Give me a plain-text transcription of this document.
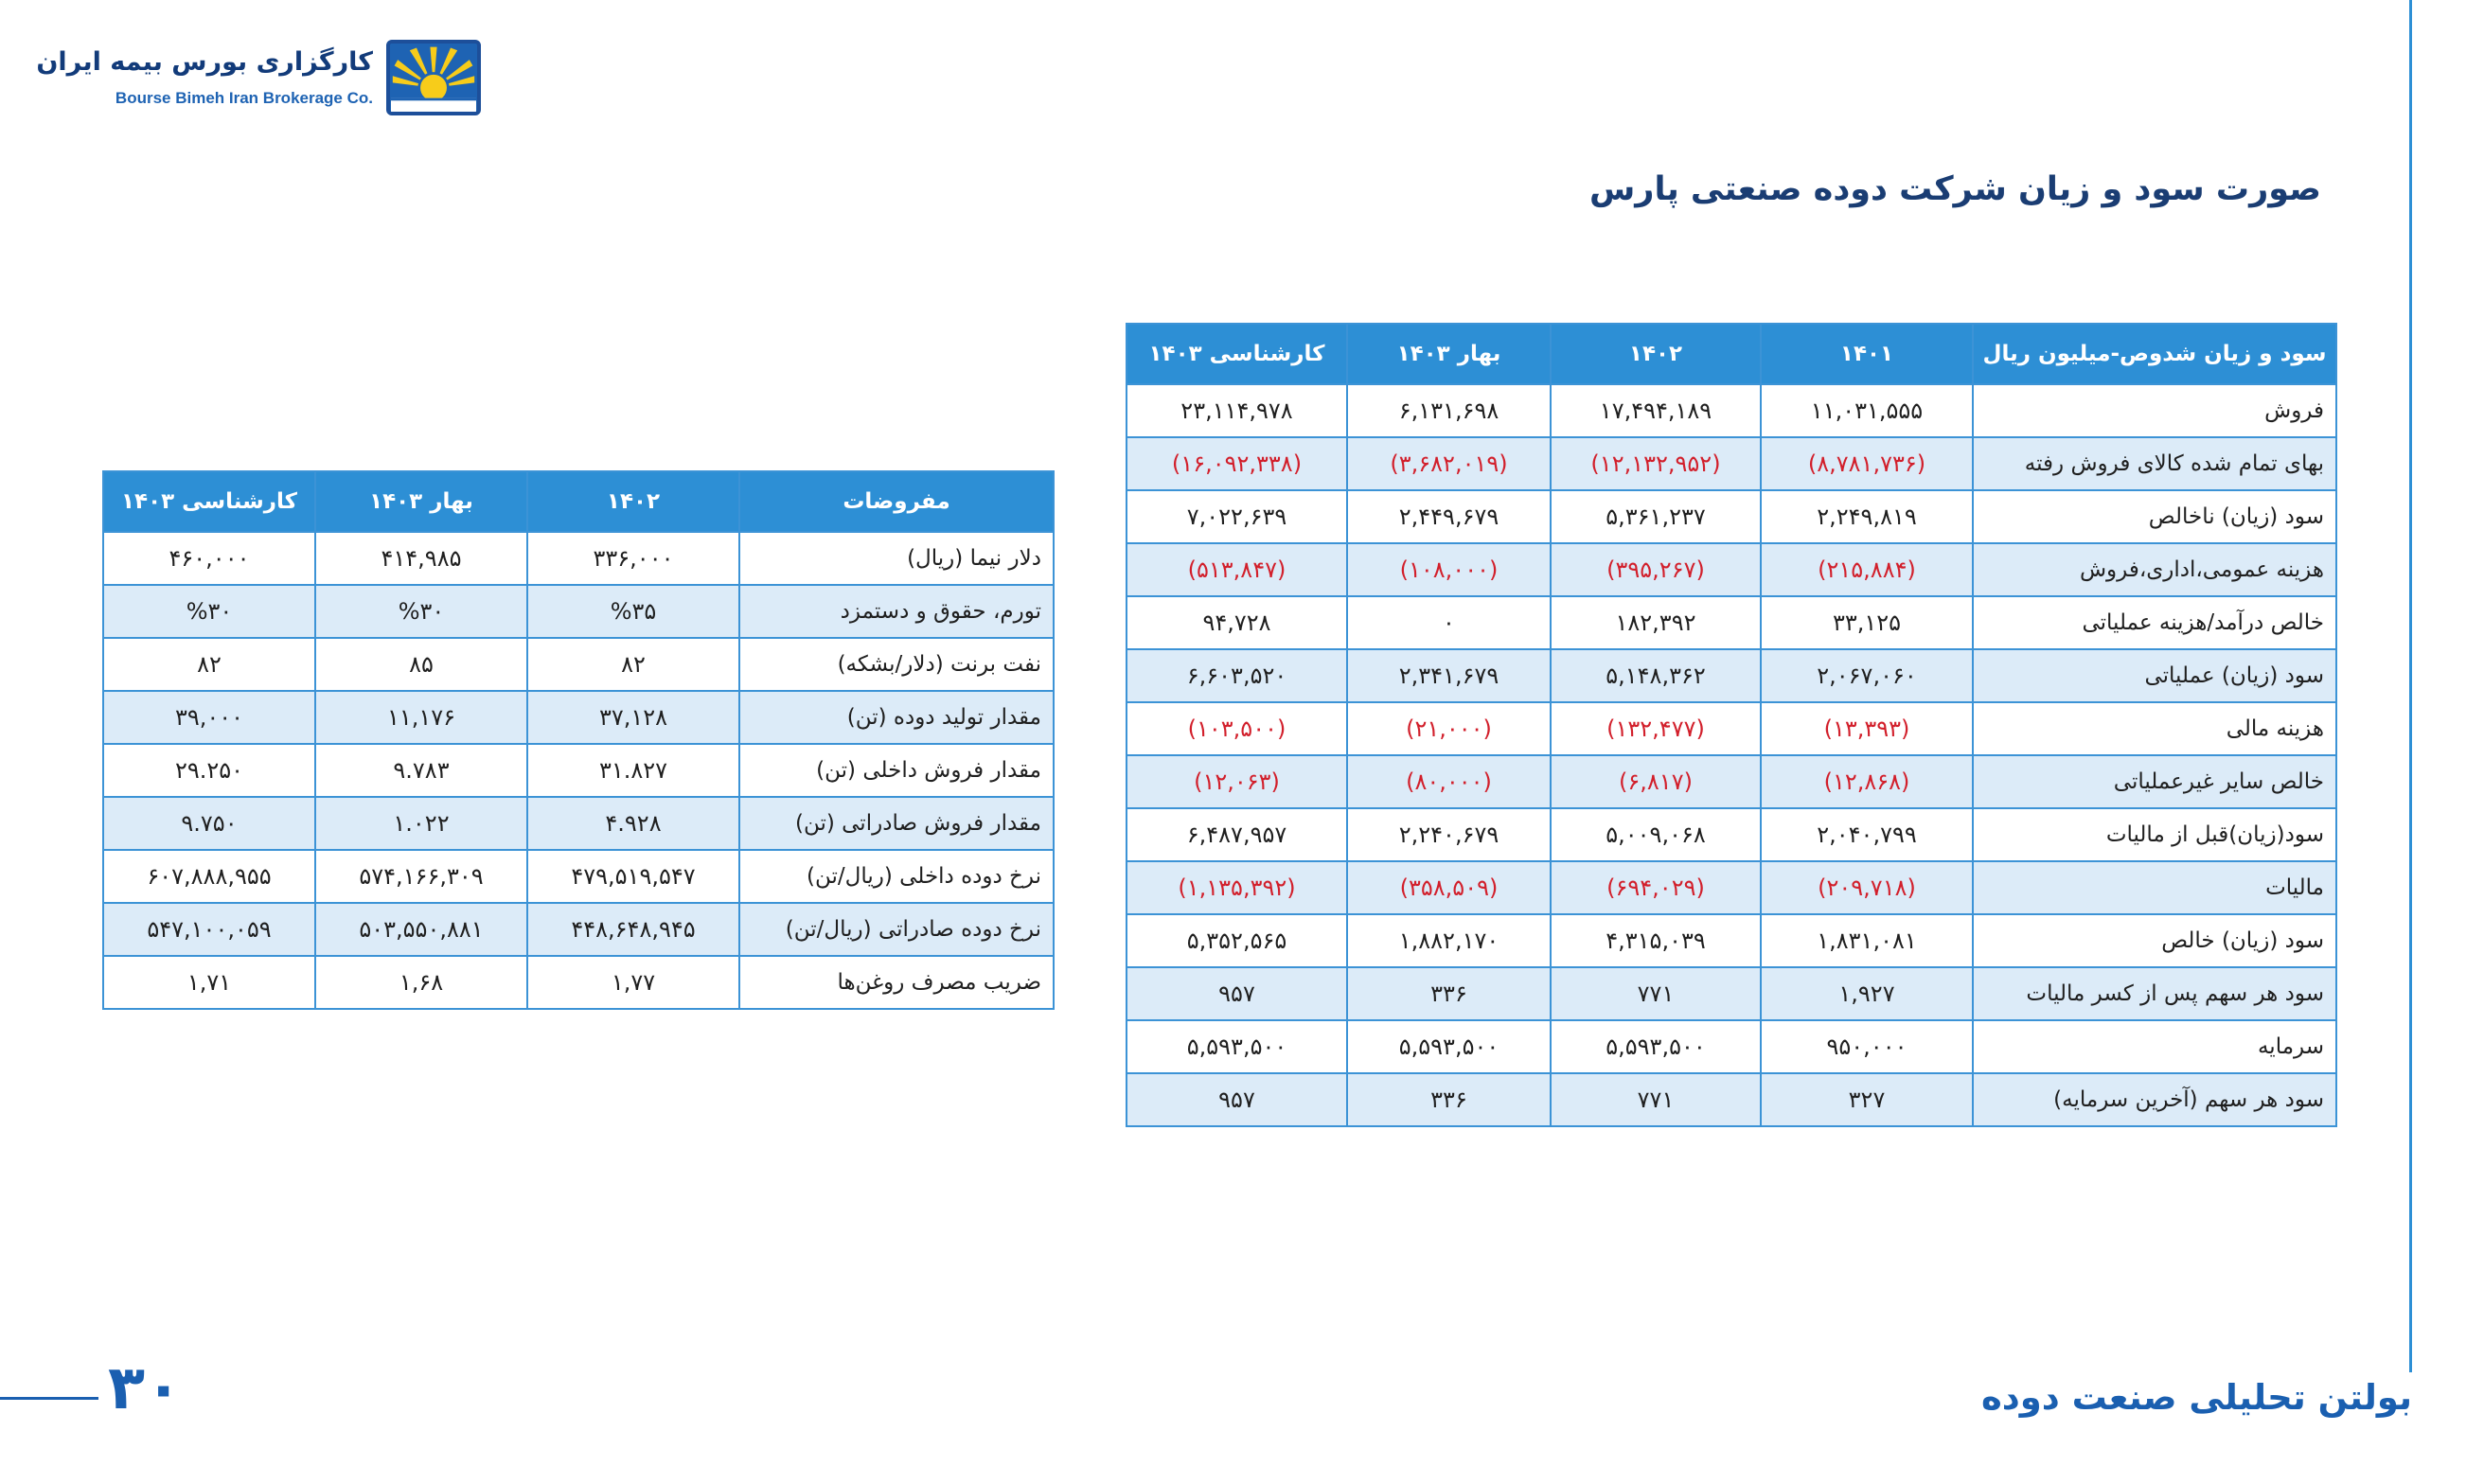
کارگزاری بورس بیمه ایران
Bourse Bimeh Iran Brokerage Co.
صورت سود و زیان شرکت دوده صنعتی پارس
سود و زیان شدوص-میلیون ریال	۱۴۰۱	۱۴۰۲	بهار ۱۴۰۳	کارشناسی ۱۴۰۳
فروش	۱۱,۰۳۱,۵۵۵	۱۷,۴۹۴,۱۸۹	۶,۱۳۱,۶۹۸	۲۳,۱۱۴,۹۷۸
بهای تمام شده کالای فروش رفته	(۸,۷۸۱,۷۳۶)	(۱۲,۱۳۲,۹۵۲)	(۳,۶۸۲,۰۱۹)	(۱۶,۰۹۲,۳۳۸)
سود (زیان) ناخالص	۲,۲۴۹,۸۱۹	۵,۳۶۱,۲۳۷	۲,۴۴۹,۶۷۹	۷,۰۲۲,۶۳۹
هزینه عمومی،اداری،فروش	(۲۱۵,۸۸۴)	(۳۹۵,۲۶۷)	(۱۰۸,۰۰۰)	(۵۱۳,۸۴۷)
خالص درآمد/هزینه عملیاتی	۳۳,۱۲۵	۱۸۲,۳۹۲	۰	۹۴,۷۲۸
سود (زیان) عملیاتی	۲,۰۶۷,۰۶۰	۵,۱۴۸,۳۶۲	۲,۳۴۱,۶۷۹	۶,۶۰۳,۵۲۰
هزینه مالی	(۱۳,۳۹۳)	(۱۳۲,۴۷۷)	(۲۱,۰۰۰)	(۱۰۳,۵۰۰)
خالص سایر غیرعملیاتی	(۱۲,۸۶۸)	(۶,۸۱۷)	(۸۰,۰۰۰)	(۱۲,۰۶۳)
سود(زیان)قبل از مالیات	۲,۰۴۰,۷۹۹	۵,۰۰۹,۰۶۸	۲,۲۴۰,۶۷۹	۶,۴۸۷,۹۵۷
مالیات	(۲۰۹,۷۱۸)	(۶۹۴,۰۲۹)	(۳۵۸,۵۰۹)	(۱,۱۳۵,۳۹۲)
سود (زیان) خالص	۱,۸۳۱,۰۸۱	۴,۳۱۵,۰۳۹	۱,۸۸۲,۱۷۰	۵,۳۵۲,۵۶۵
سود هر سهم پس از کسر مالیات	۱,۹۲۷	۷۷۱	۳۳۶	۹۵۷
سرمایه	۹۵۰,۰۰۰	۵,۵۹۳,۵۰۰	۵,۵۹۳,۵۰۰	۵,۵۹۳,۵۰۰
سود هر سهم (آخرین سرمایه)	۳۲۷	۷۷۱	۳۳۶	۹۵۷
مفروضات	۱۴۰۲	بهار ۱۴۰۳	کارشناسی ۱۴۰۳
دلار نیما (ریال)	۳۳۶,۰۰۰	۴۱۴,۹۸۵	۴۶۰,۰۰۰
تورم، حقوق و دستمزد	%۳۵	%۳۰	%۳۰
نفت برنت (دلار/بشکه)	۸۲	۸۵	۸۲
مقدار تولید دوده (تن)	۳۷,۱۲۸	۱۱,۱۷۶	۳۹,۰۰۰
مقدار فروش داخلی (تن)	۳۱.۸۲۷	۹.۷۸۳	۲۹.۲۵۰
مقدار فروش صادراتی (تن)	۴.۹۲۸	۱.۰۲۲	۹.۷۵۰
نرخ دوده داخلی (ریال/تن)	۴۷۹,۵۱۹,۵۴۷	۵۷۴,۱۶۶,۳۰۹	۶۰۷,۸۸۸,۹۵۵
نرخ دوده صادراتی (ریال/تن)	۴۴۸,۶۴۸,۹۴۵	۵۰۳,۵۵۰,۸۸۱	۵۴۷,۱۰۰,۰۵۹
ضریب مصرف روغن‌ها	۱,۷۷	۱,۶۸	۱,۷۱
بولتن تحلیلی صنعت دوده
۳۰
